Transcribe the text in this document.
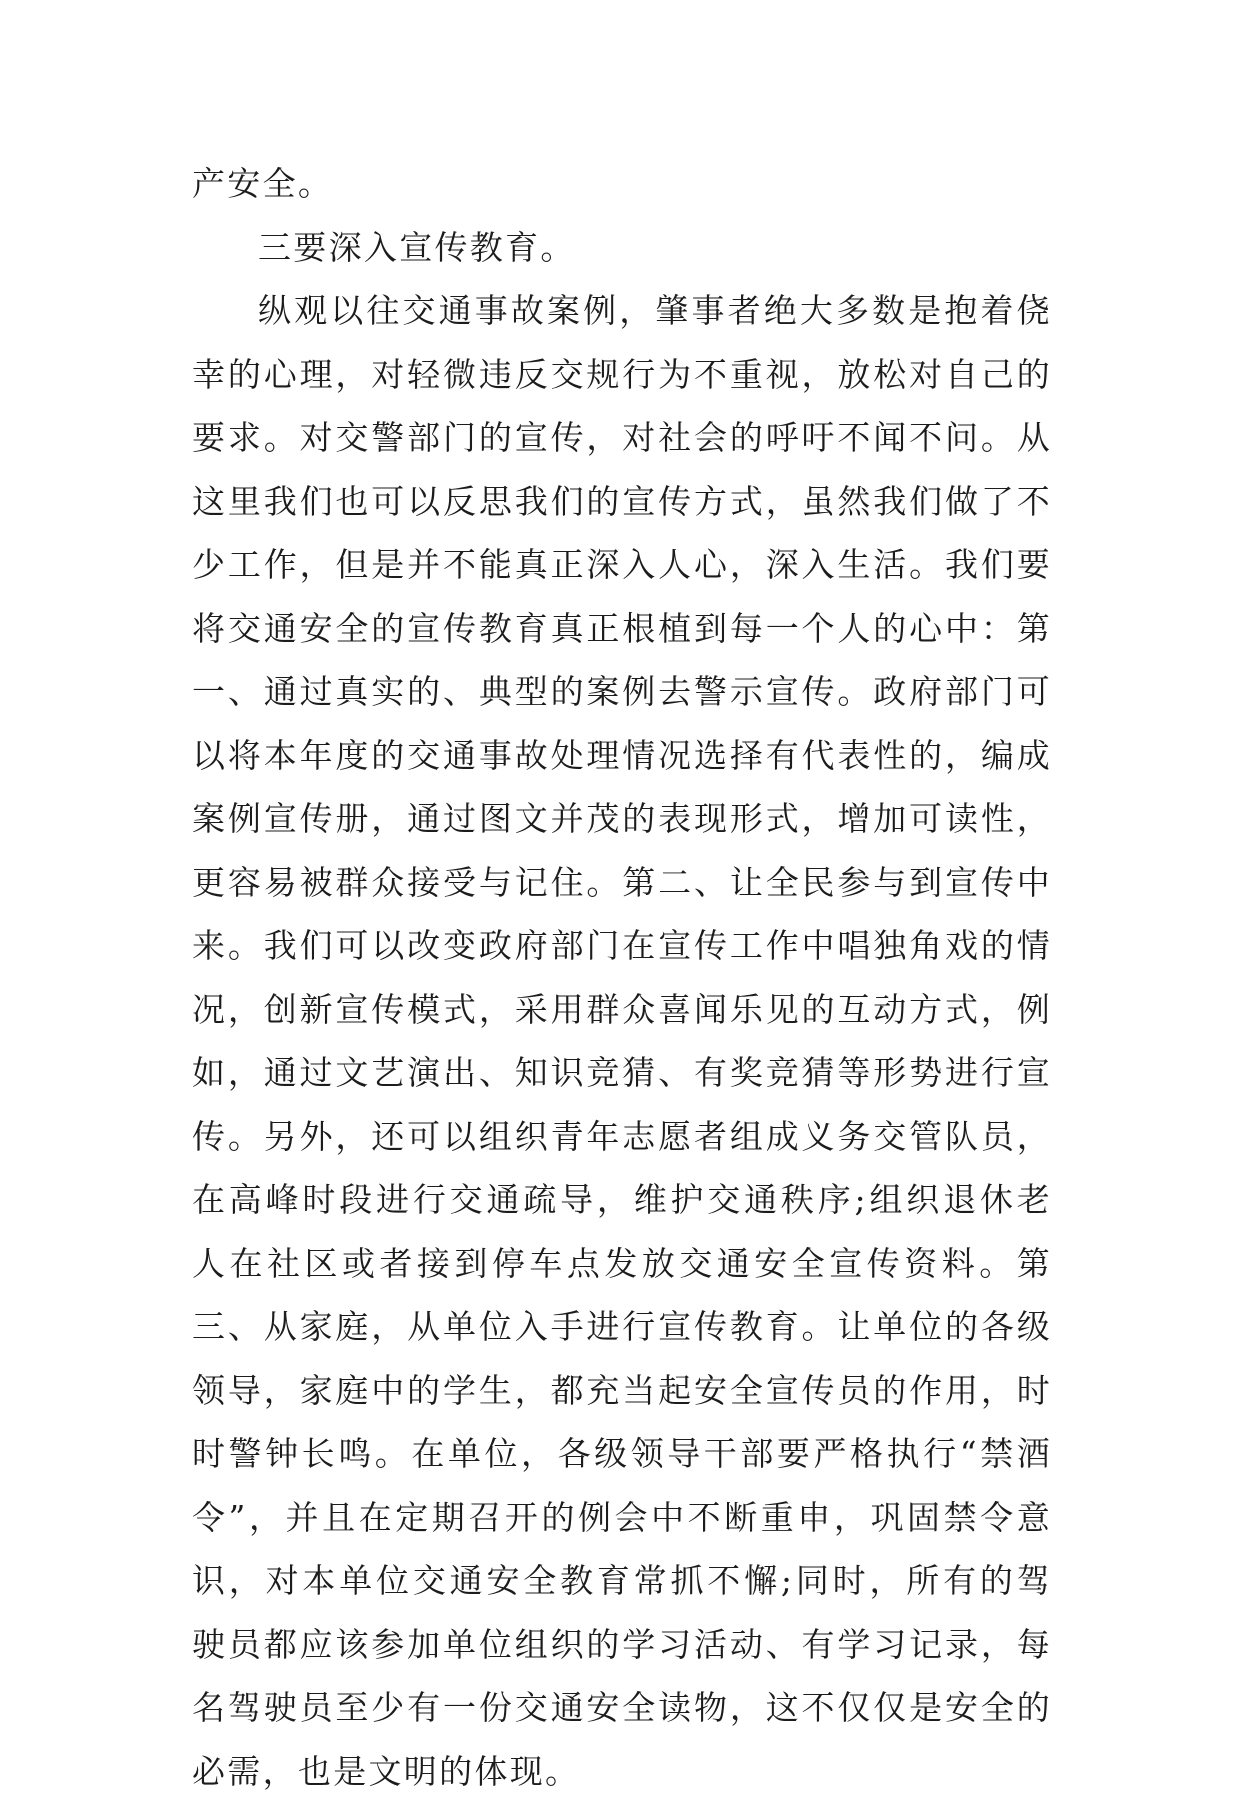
产安全。

三要深入宣传教育。

纵观以往交通事故案例，肇事者绝大多数是抱着侥幸的心理，对轻微违反交规行为不重视，放松对自己的要求。对交警部门的宣传，对社会的呼吁不闻不问。从这里我们也可以反思我们的宣传方式，虽然我们做了不少工作，但是并不能真正深入人心，深入生活。我们要将交通安全的宣传教育真正根植到每一个人的心中：第一、通过真实的、典型的案例去警示宣传。政府部门可以将本年度的交通事故处理情况选择有代表性的，编成案例宣传册，通过图文并茂的表现形式，增加可读性，更容易被群众接受与记住。第二、让全民参与到宣传中来。我们可以改变政府部门在宣传工作中唱独角戏的情况，创新宣传模式，采用群众喜闻乐见的互动方式，例如，通过文艺演出、知识竞猜、有奖竞猜等形势进行宣传。另外，还可以组织青年志愿者组成义务交管队员，在高峰时段进行交通疏导，维护交通秩序;组织退休老人在社区或者接到停车点发放交通安全宣传资料。第三、从家庭，从单位入手进行宣传教育。让单位的各级领导，家庭中的学生，都充当起安全宣传员的作用，时时警钟长鸣。在单位，各级领导干部要严格执行“禁酒令”，并且在定期召开的例会中不断重申，巩固禁令意识，对本单位交通安全教育常抓不懈;同时，所有的驾驶员都应该参加单位组织的学习活动、有学习记录，每名驾驶员至少有一份交通安全读物，这不仅仅是安全的必需，也是文明的体现。
